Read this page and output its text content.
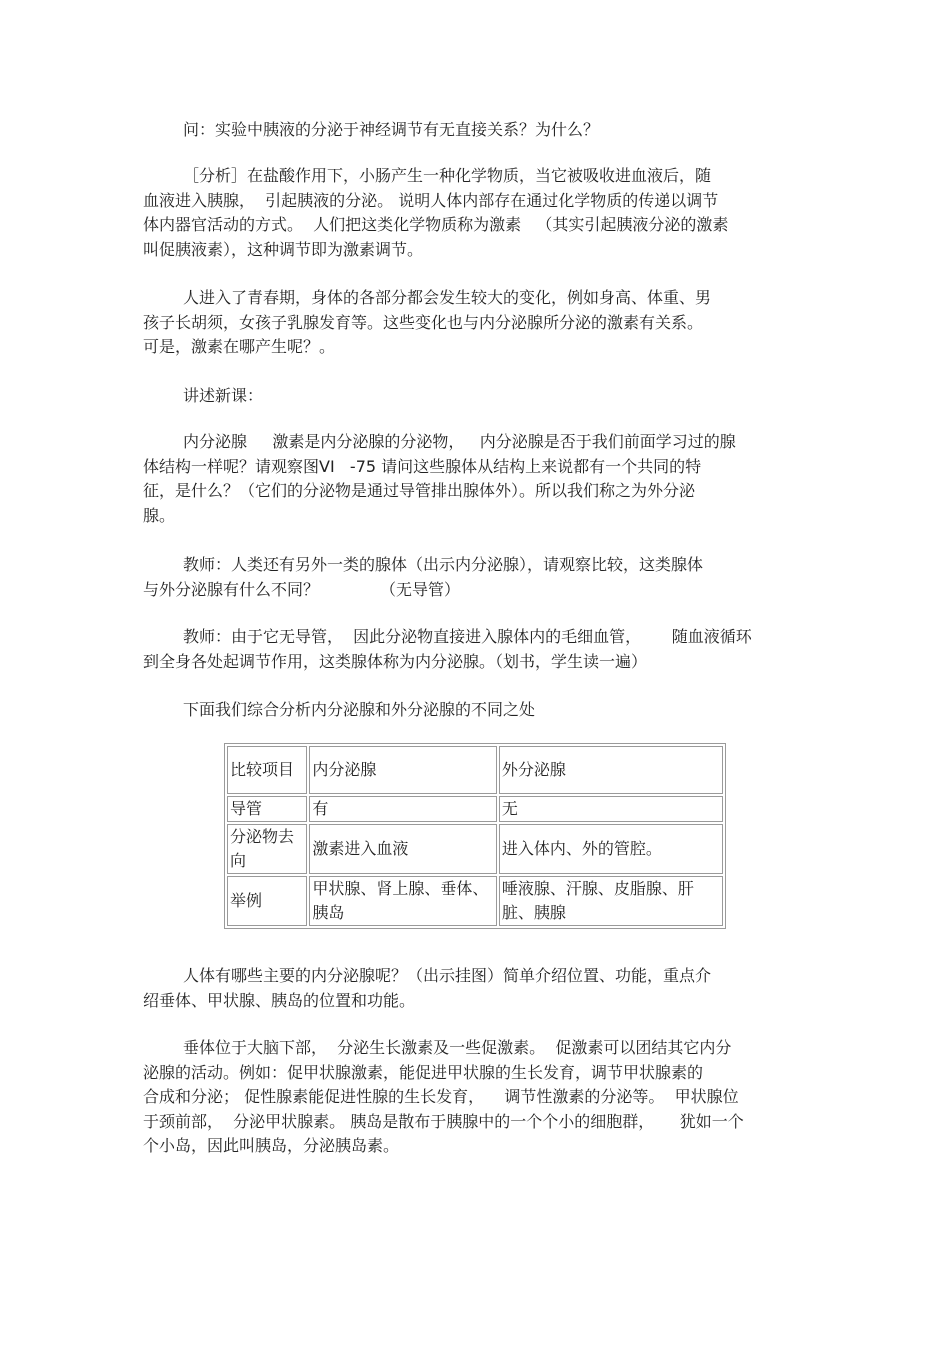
问：实验中胰液的分泌于神经调节有无直接关系？为什么？

［分析］在盐酸作用下，小肠产生一种化学物质，当它被吸收进血液后，随
血液进入胰腺，  引起胰液的分泌。 说明人体内部存在通过化学物质的传递以调节
体内器官活动的方式。  人们把这类化学物质称为激素   （其实引起胰液分泌的激素
叫促胰液素），这种调节即为激素调节。

人进入了青春期，身体的各部分都会发生较大的变化，例如身高、体重、男
孩子长胡须，女孩子乳腺发育等。这些变化也与内分泌腺所分泌的激素有关系。
可是，激素在哪产生呢？。

讲述新课：

内分泌腺     激素是内分泌腺的分泌物，   内分泌腺是否于我们前面学习过的腺
体结构一样呢？请观察图VI   -75 请问这些腺体从结构上来说都有一个共同的特
征，是什么？（它们的分泌物是通过导管排出腺体外）。所以我们称之为外分泌
腺。

教师：人类还有另外一类的腺体（出示内分泌腺），请观察比较，这类腺体
与外分泌腺有什么不同？            （无导管）

教师：由于它无导管，  因此分泌物直接进入腺体内的毛细血管，      随血液循环
到全身各处起调节作用，这类腺体称为内分泌腺。（划书，学生读一遍）

下面我们综合分析内分泌腺和外分泌腺的不同之处

比较项目	内分泌腺	外分泌腺
导管	有	无
分泌物去向	激素进入血液	进入体内、外的管腔。
举例	甲状腺、肾上腺、垂体、胰岛	唾液腺、汗腺、皮脂腺、肝脏、胰腺

人体有哪些主要的内分泌腺呢？（出示挂图）简单介绍位置、功能，重点介
绍垂体、甲状腺、胰岛的位置和功能。

垂体位于大脑下部，  分泌生长激素及一些促激素。  促激素可以团结其它内分
泌腺的活动。例如：促甲状腺激素，能促进甲状腺的生长发育，调节甲状腺素的
合成和分泌； 促性腺素能促进性腺的生长发育，    调节性激素的分泌等。  甲状腺位
于颈前部，  分泌甲状腺素。 胰岛是散布于胰腺中的一个个小的细胞群，     犹如一个
个小岛，因此叫胰岛，分泌胰岛素。
